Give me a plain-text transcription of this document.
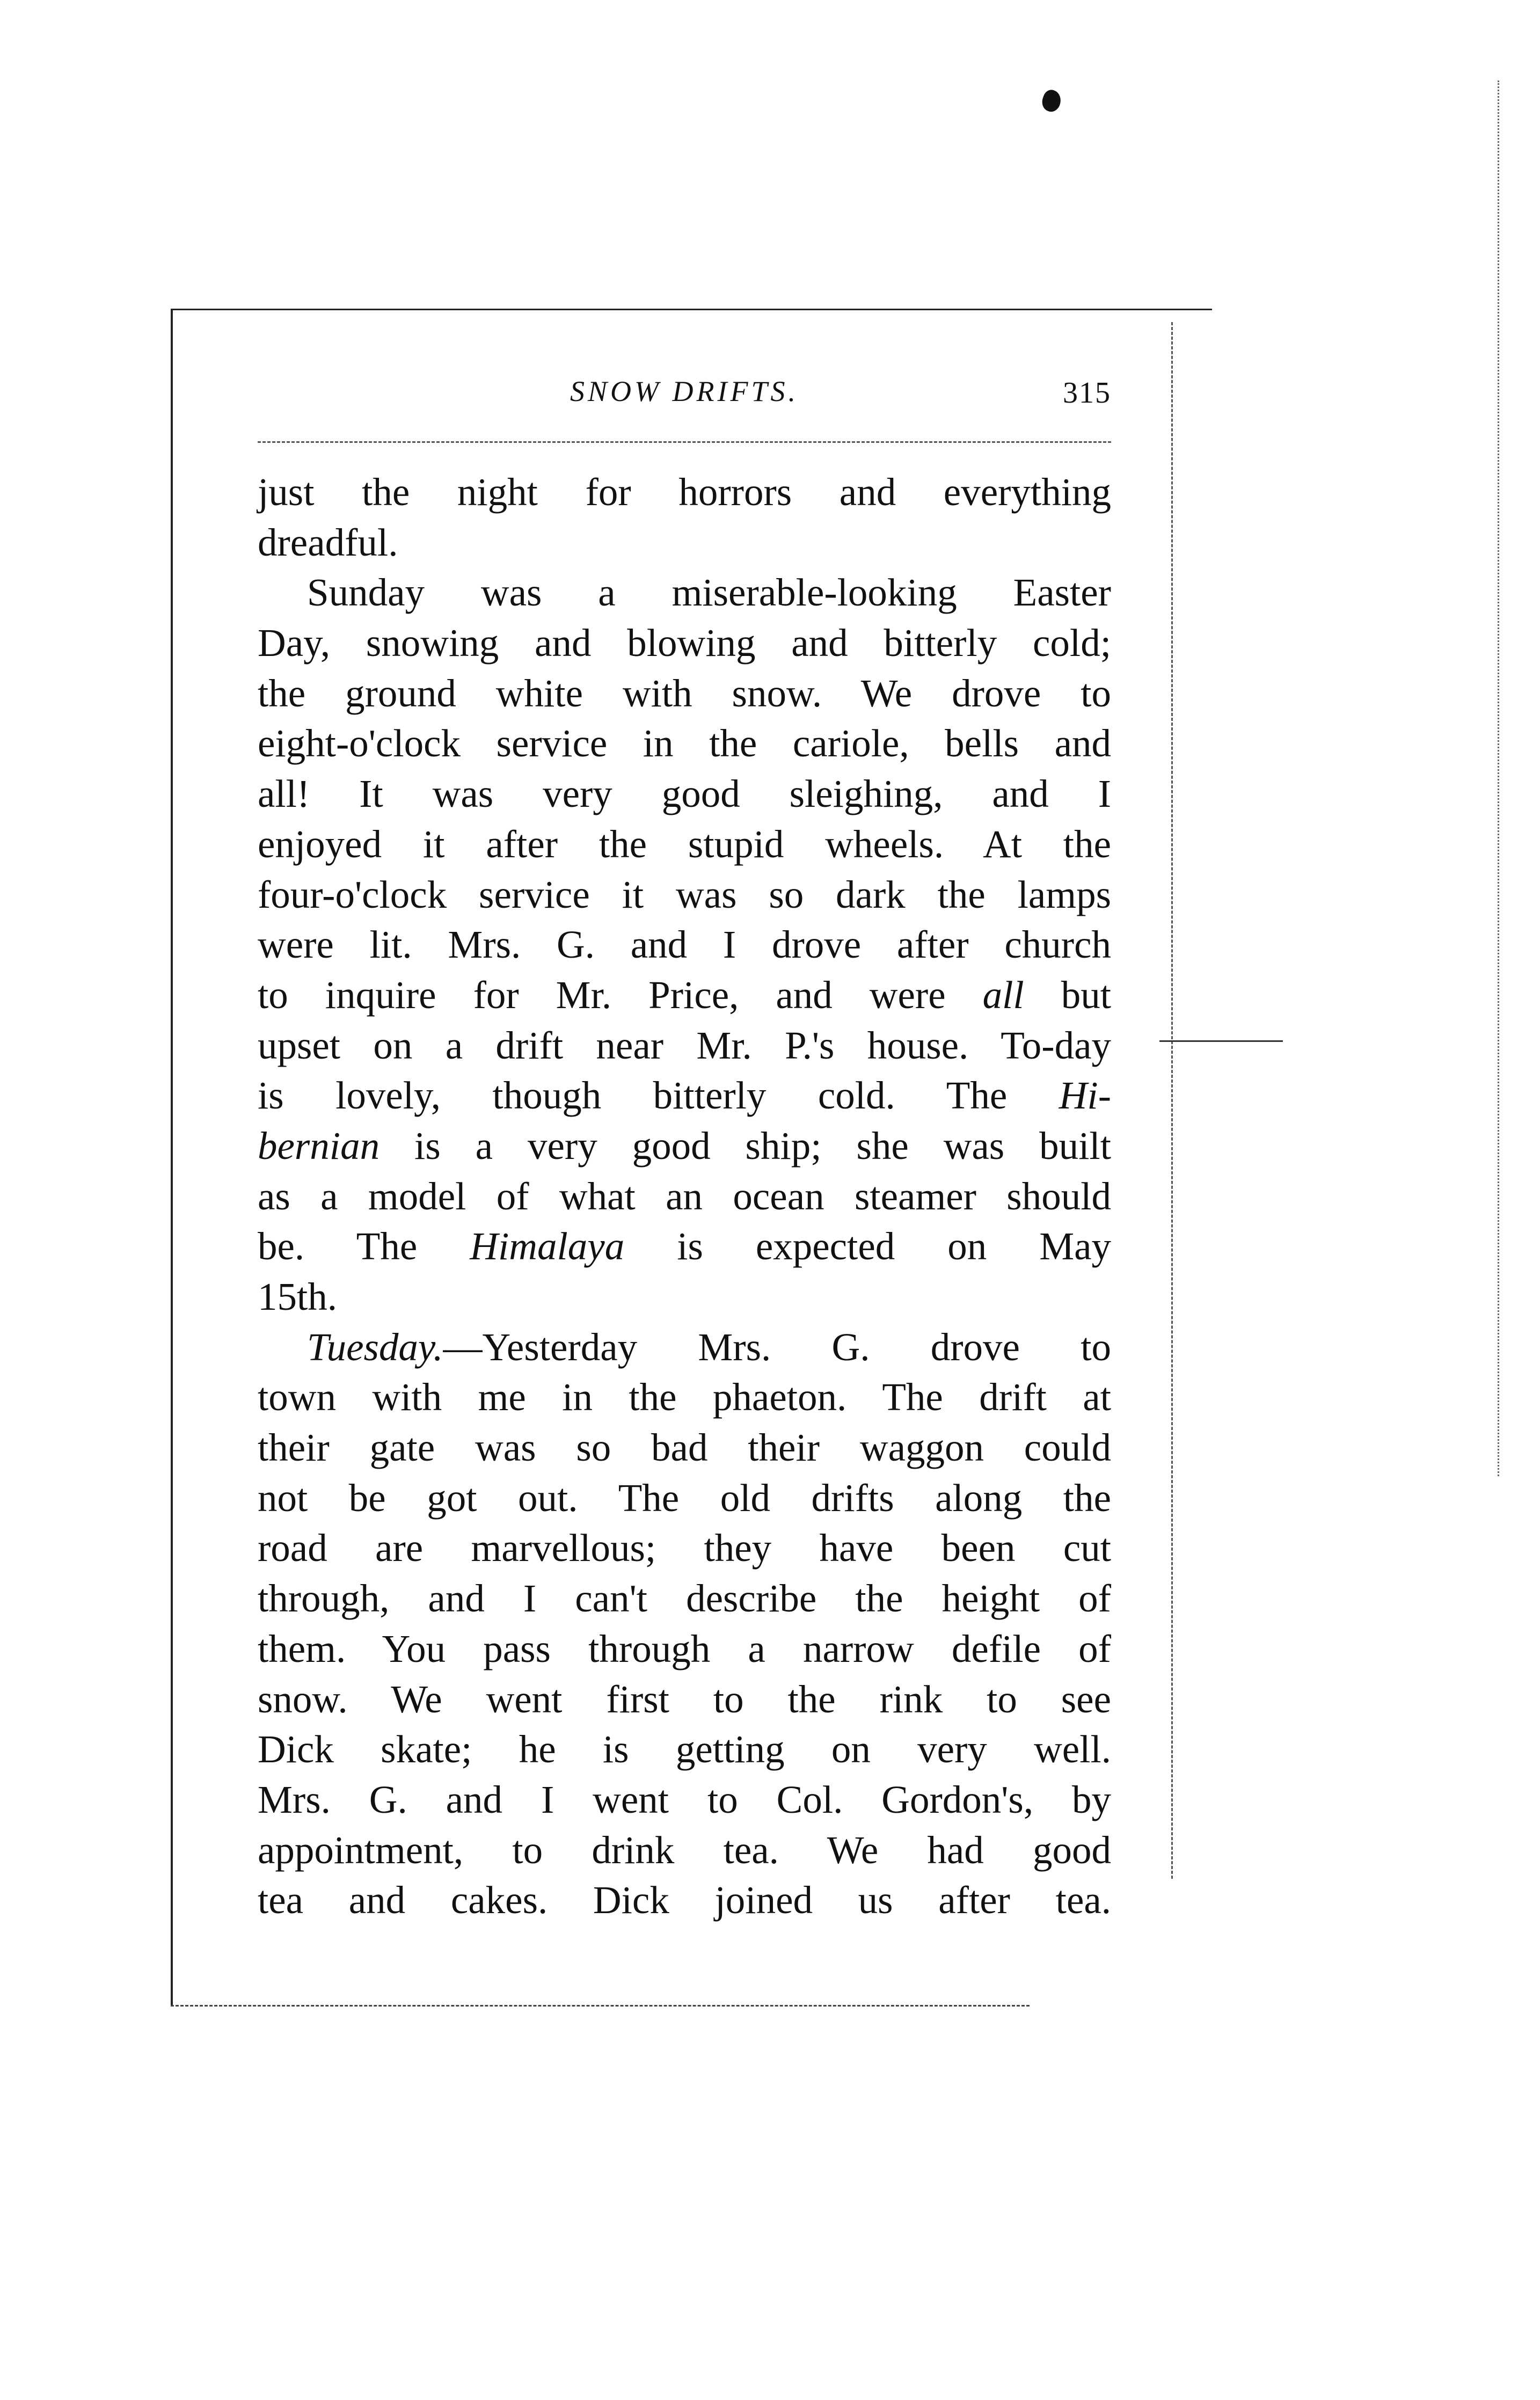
SNOW DRIFTS.	315
just the night for horrors and everything
dreadful.
Sunday was a miserable-looking Easter
Day, snowing and blowing and bitterly cold;
the ground white with snow. We drove to
eight-o'clock service in the cariole, bells and
all! It was very good sleighing, and I
enjoyed it after the stupid wheels. At the
four-o'clock service it was so dark the lamps
were lit. Mrs. G. and I drove after church
to inquire for Mr. Price, and were all but
upset on a drift near Mr. P.'s house. To-day
is lovely, though bitterly cold. The Hi-
bernian is a very good ship; she was built
as a model of what an ocean steamer should
be. The Himalaya is expected on May
15th.
Tuesday.—Yesterday Mrs. G. drove to
town with me in the phaeton. The drift at
their gate was so bad their waggon could
not be got out. The old drifts along the
road are marvellous; they have been cut
through, and I can't describe the height of
them. You pass through a narrow defile of
snow. We went first to the rink to see
Dick skate; he is getting on very well.
Mrs. G. and I went to Col. Gordon's, by
appointment, to drink tea. We had good
tea and cakes. Dick joined us after tea.
